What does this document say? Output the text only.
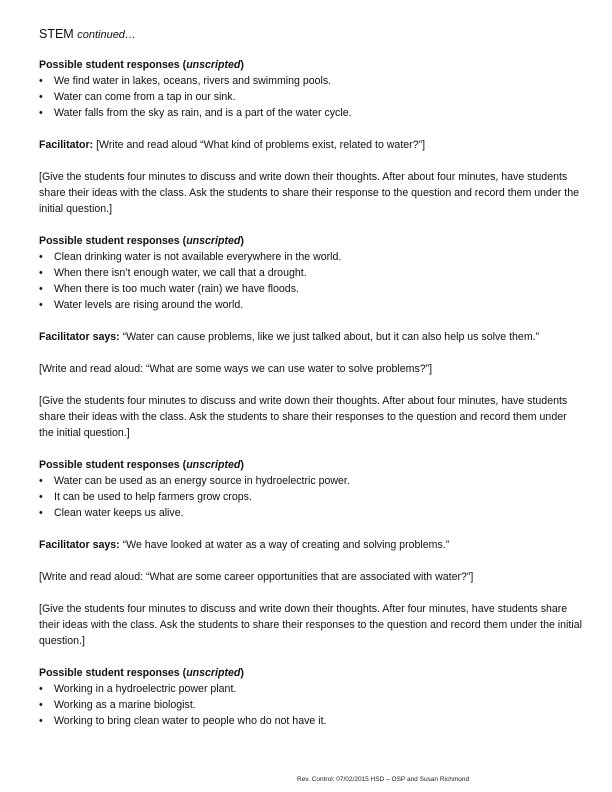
STEM continued…
Possible student responses (unscripted)
• We find water in lakes, oceans, rivers and swimming pools.
• Water can come from a tap in our sink.
• Water falls from the sky as rain, and is a part of the water cycle.
Facilitator: [Write and read aloud “What kind of problems exist, related to water?”]
[Give the students four minutes to discuss and write down their thoughts. After about four minutes, have students share their ideas with the class. Ask the students to share their response to the question and record them under the initial question.]
Possible student responses (unscripted)
• Clean drinking water is not available everywhere in the world.
• When there isn’t enough water, we call that a drought.
• When there is too much water (rain) we have floods.
• Water levels are rising around the world.
Facilitator says: “Water can cause problems, like we just talked about, but it can also help us solve them.”
[Write and read aloud: “What are some ways we can use water to solve problems?”]
[Give the students four minutes to discuss and write down their thoughts. After about four minutes, have students share their ideas with the class. Ask the students to share their responses to the question and record them under the initial question.]
Possible student responses (unscripted)
• Water can be used as an energy source in hydroelectric power.
• It can be used to help farmers grow crops.
• Clean water keeps us alive.
Facilitator says: “We have looked at water as a way of creating and solving problems.”
[Write and read aloud: “What are some career opportunities that are associated with water?”]
[Give the students four minutes to discuss and write down their thoughts. After four minutes, have students share their ideas with the class. Ask the students to share their responses to the question and record them under the initial question.]
Possible student responses (unscripted)
• Working in a hydroelectric power plant.
• Working as a marine biologist.
• Working to bring clean water to people who do not have it.
Rev. Control: 07/02/2015 HSD – OSP and Susan Richmond
